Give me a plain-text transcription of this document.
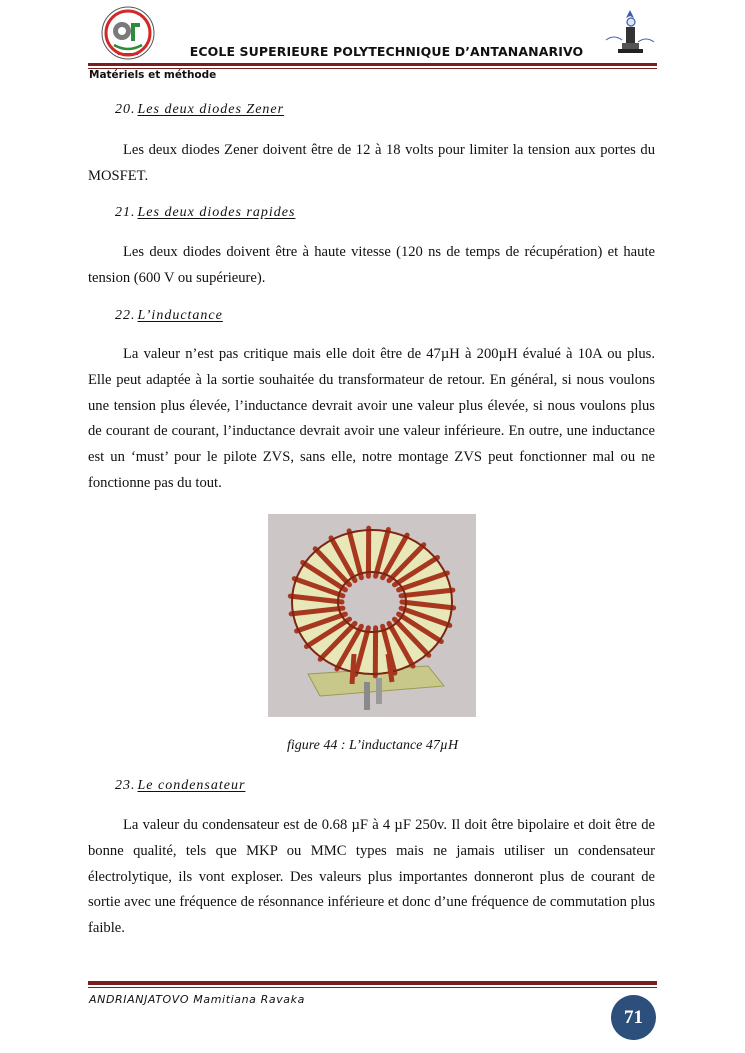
ECOLE SUPERIEURE POLYTECHNIQUE D’ANTANANARIVO
Matériels et méthode
20. Les deux diodes Zener

Les deux diodes Zener doivent être de 12 à 18 volts pour limiter la tension aux portes du MOSFET.

21. Les deux diodes rapides

Les deux diodes doivent être à haute vitesse (120 ns de temps de récupération) et haute tension (600 V ou supérieure).

22. L’inductance

La valeur n’est pas critique mais elle doit être de 47µH à 200µH évalué à 10A ou plus. Elle peut adaptée à la sortie souhaitée du transformateur de retour. En général, si nous voulons une tension plus élevée, l’inductance devrait avoir une valeur plus élevée, si nous voulons plus de courant de courant, l’inductance devrait avoir une valeur inférieure. En outre, une inductance est un ‘must’ pour le pilote ZVS, sans elle, notre montage ZVS peut fonctionner mal ou ne fonctionne pas du tout.

figure 44 : L’inductance 47µH
23. Le condensateur

La valeur du condensateur est de 0.68 µF à 4 µF 250v. Il doit être bipolaire et doit être de bonne qualité, tels que MKP ou MMC types mais ne jamais utiliser un condensateur électrolytique, ils vont exploser. Des valeurs plus importantes donneront plus de courant de sortie avec une fréquence de résonnance inférieure et donc d’une fréquence de commutation plus faible.

ANDRIANJATOVO Mamitiana Ravaka
71
